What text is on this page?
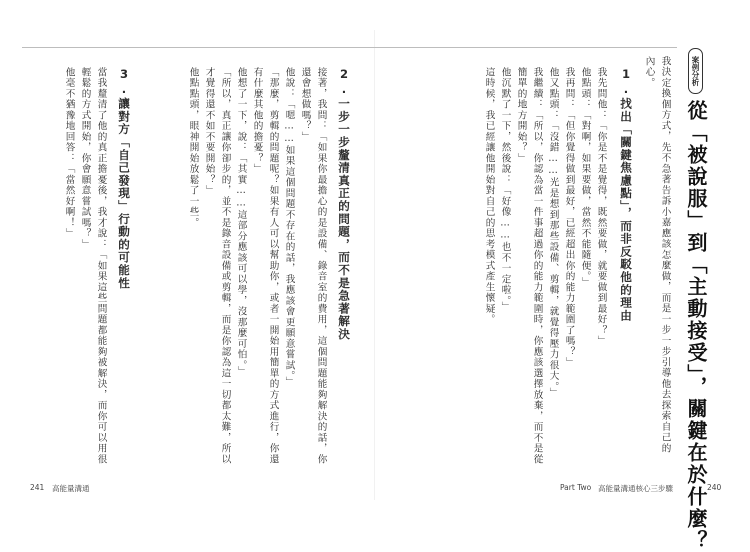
案例分析
從「被說服」到「主動接受」，關鍵在於什麼？
我決定換個方式，先不急著告訴小嘉應該怎麼做，而是一步一步引導他去探索自己的
內心。
1.找出「關鍵焦慮點」，而非反駁他的理由
我先問他：「你是不是覺得，既然要做，就要做到最好？」
他點頭：「對啊，如果要做，當然不能隨便。」
我再問：「但你覺得做到最好，已經超出你的能力範圍了嗎？」
他又點頭：「沒錯……光是想到那些設備、剪輯，就覺得壓力很大。」
我繼續：「所以，你認為當一件事超過你的能力範圍時，你應該選擇放棄，而不是從
簡單的地方開始？」
他沉默了一下，然後說：「好像……也不一定啦。」
這時候，我已經讓他開始對自己的思考模式產生懷疑。
2.一步一步釐清真正的問題，而不是急著解決
接著，我問：「如果你最擔心的是設備、錄音室的費用，這個問題能夠解決的話，你
還會想做嗎？」
他說：「嗯……如果這個問題不存在的話，我應該會更願意嘗試。」
「那麼，剪輯的問題呢？如果有人可以幫助你，或者一開始用簡單的方式進行，你還
有什麼其他的擔憂？」
他想了一下，說：「其實……這部分應該可以學，沒那麼可怕。」
「所以，真正讓你卻步的，並不是錄音設備或剪輯，而是你認為這一切都太難，所以
才覺得還不如不要開始？」
他點點頭，眼神開始放鬆了一些。
3.讓對方「自己發現」行動的可能性
當我釐清了他的真正擔憂後，我才說：「如果這些問題都能夠被解決，而你可以用很
輕鬆的方式開始，你會願意嘗試嗎？」
他毫不猶豫地回答：「當然好啊！」
241 高能量溝通	Part Two 高能量溝通核心三步驟	240
